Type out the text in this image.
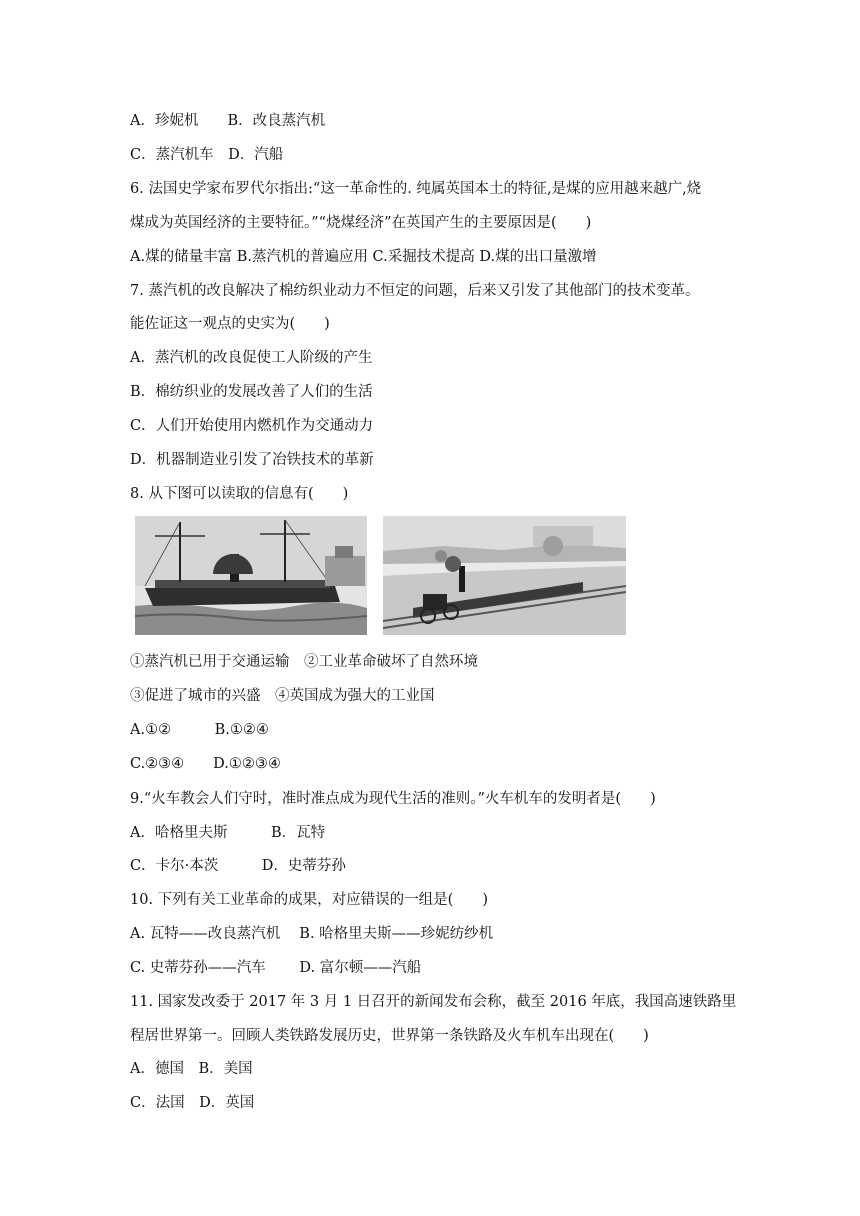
A．珍妮机　　B．改良蒸汽机
C．蒸汽机车　D．汽船
6. 法国史学家布罗代尔指出:“这一革命性的. 纯属英国本土的特征,是煤的应用越来越广,烧
煤成为英国经济的主要特征。”“烧煤经济”在英国产生的主要原因是(　　)
A.煤的储量丰富 B.蒸汽机的普遍应用 C.采掘技术提高 D.煤的出口量激增
7. 蒸汽机的改良解决了棉纺织业动力不恒定的问题，后来又引发了其他部门的技术变革。
能佐证这一观点的史实为(　　)
A．蒸汽机的改良促使工人阶级的产生
B．棉纺织业的发展改善了人们的生活
C．人们开始使用内燃机作为交通动力
D．机器制造业引发了冶铁技术的革新
8. 从下图可以读取的信息有(　　)
①蒸汽机已用于交通运输　②工业革命破坏了自然环境
③促进了城市的兴盛　④英国成为强大的工业国
A.①②　　　B.①②④
C.②③④　　D.①②③④
9.“火车教会人们守时，准时准点成为现代生活的准则。”火车机车的发明者是(　　)
A．哈格里夫斯　　　B．瓦特
C．卡尔·本茨　　　D．史蒂芬孙
10. 下列有关工业革命的成果，对应错误的一组是(　　)
A. 瓦特——改良蒸汽机　 B. 哈格里夫斯——珍妮纺纱机
C. 史蒂芬孙——汽车　　 D. 富尔顿——汽船
11. 国家发改委于 2017 年 3 月 1 日召开的新闻发布会称，截至 2016 年底，我国高速铁路里
程居世界第一。回顾人类铁路发展历史，世界第一条铁路及火车机车出现在(　　)
A．德国　B．美国
C．法国　D．英国
